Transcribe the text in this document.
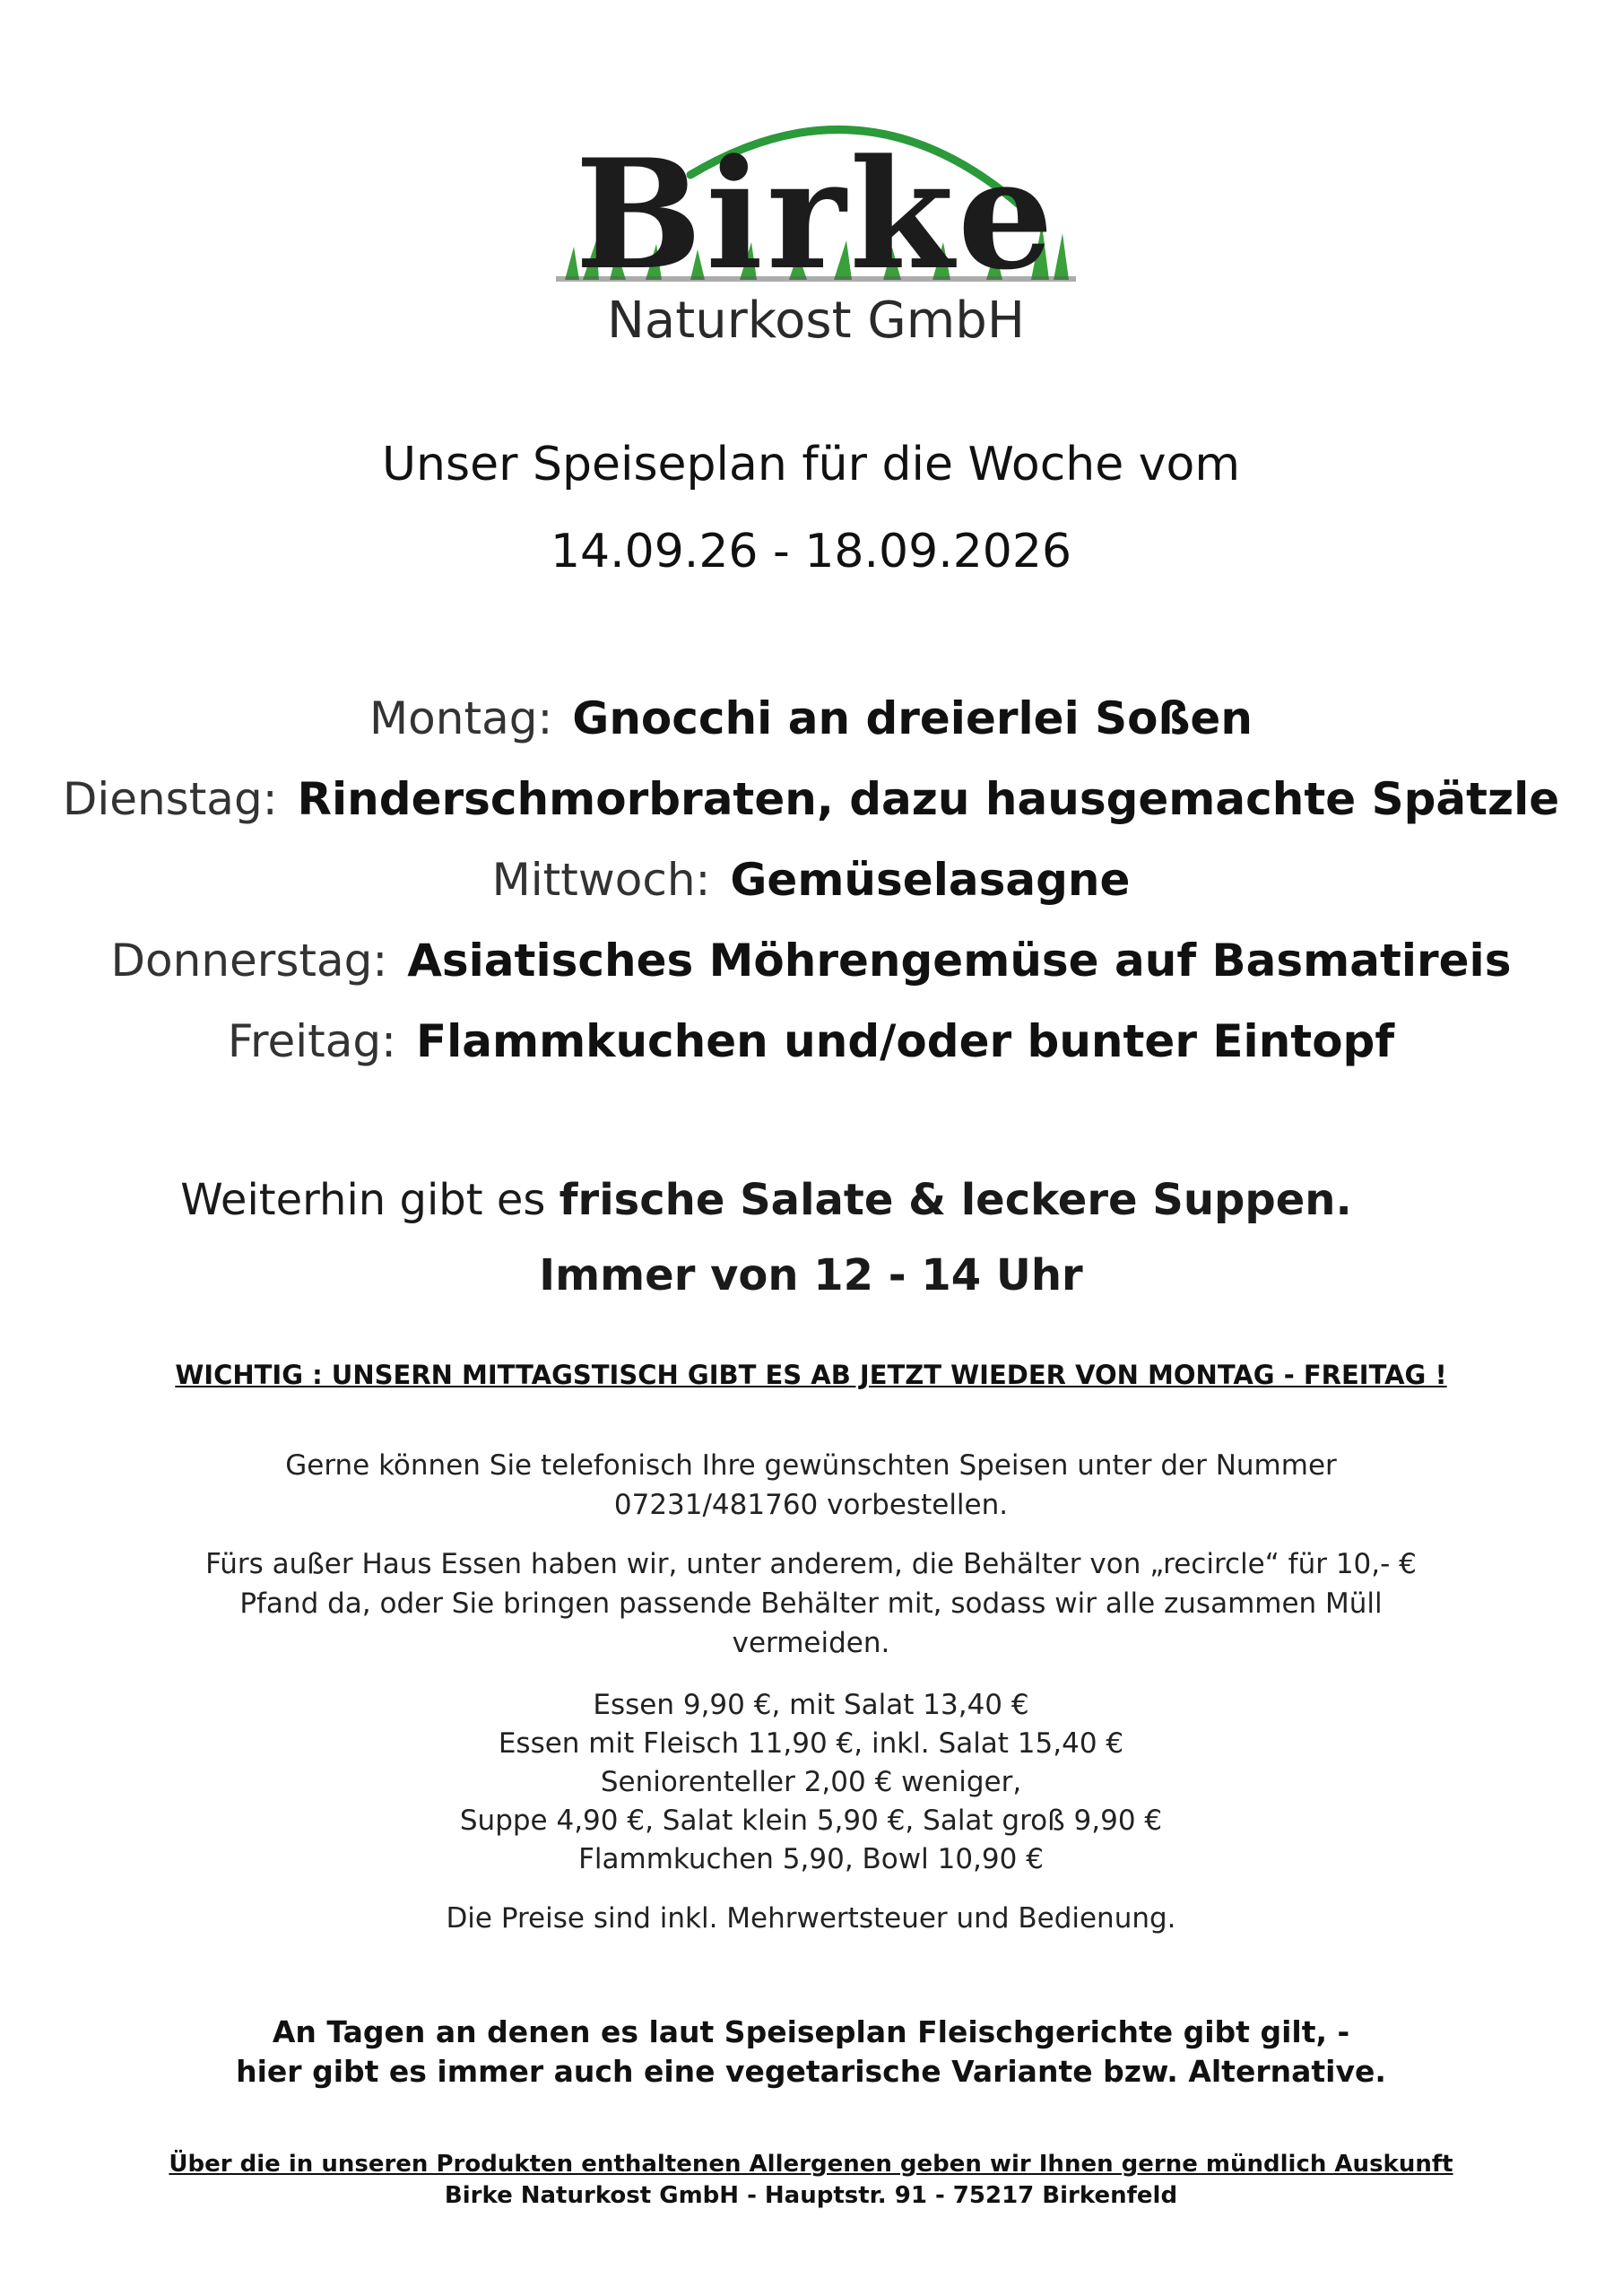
Birke
Naturkost GmbH
Unser Speiseplan für die Woche vom
14.09.26 - 18.09.2026
Montag: Gnocchi an dreierlei Soßen
Dienstag: Rinderschmorbraten, dazu hausgemachte Spätzle
Mittwoch: Gemüselasagne
Donnerstag: Asiatisches Möhrengemüse auf Basmatireis
Freitag: Flammkuchen und/oder bunter Eintopf
Weiterhin gibt es frische Salate & leckere Suppen.
Immer von 12 - 14 Uhr
WICHTIG : UNSERN MITTAGSTISCH GIBT ES AB JETZT WIEDER VON MONTAG - FREITAG !
Gerne können Sie telefonisch Ihre gewünschten Speisen unter der Nummer
07231/481760 vorbestellen.
Fürs außer Haus Essen haben wir, unter anderem, die Behälter von „recircle“ für 10,- €
Pfand da, oder Sie bringen passende Behälter mit, sodass wir alle zusammen Müll
vermeiden.
Essen 9,90 €, mit Salat 13,40 €
Essen mit Fleisch 11,90 €, inkl. Salat 15,40 €
Seniorenteller 2,00 € weniger,
Suppe 4,90 €, Salat klein 5,90 €, Salat groß 9,90 €
Flammkuchen 5,90, Bowl 10,90 €
Die Preise sind inkl. Mehrwertsteuer und Bedienung.
An Tagen an denen es laut Speiseplan Fleischgerichte gibt gilt, -
hier gibt es immer auch eine vegetarische Variante bzw. Alternative.
Über die in unseren Produkten enthaltenen Allergenen geben wir Ihnen gerne mündlich Auskunft
Birke Naturkost GmbH - Hauptstr. 91 - 75217 Birkenfeld
